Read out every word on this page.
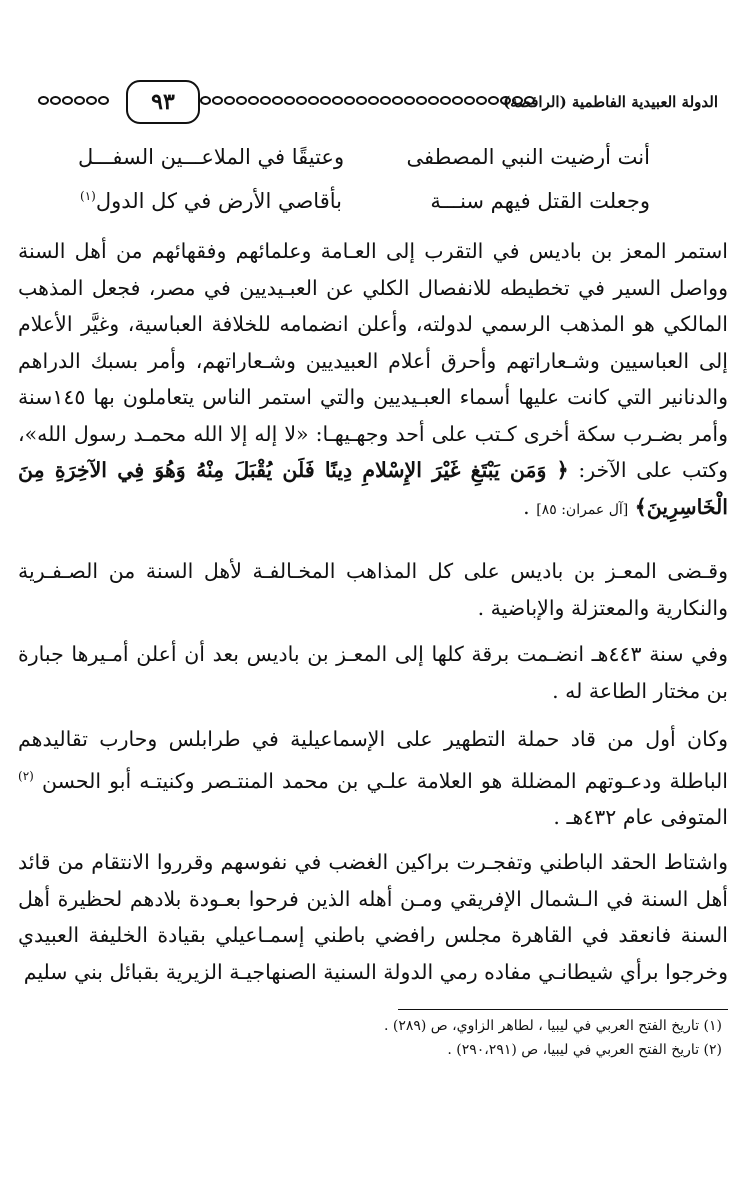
الدولة العبيدية الفاطمية (الرافضة)
٩٣
أنت أرضيت النبي المصطفى
وعتيقًا في الملاعـــين السفـــل
وجعلت القتل فيهم سنـــة
بأقاصي الأرض في كل الدول$^{(١)}$
استمر المعز بن باديس في التقرب إلى العـامة وعلمائهم وفقهائهم من أهل السنة وواصل السير في تخطيطه للانفصال الكلي عن العبـيديين في مصر، فجعل المذهب المالكي هو المذهب الرسمي لدولته، وأعلن انضمامه للخلافة العباسية، وغيَّر الأعلام إلى العباسيين وشـعاراتهم وأحرق أعلام العبيديين وشـعاراتهم، وأمر بسبك الدراهم والدنانير التي كانت عليها أسماء العبـيديين والتي استمر الناس يتعاملون بها ١٤٥سنة وأمر بضـرب سكة أخرى كـتب على أحد وجهـيهـا: «لا إله إلا الله محمـد رسول الله»، وكتب على الآخر: ﴿ وَمَن يَبْتَغِ غَيْرَ الإِسْلامِ دِينًا فَلَن يُقْبَلَ مِنْهُ وَهُوَ فِي الآخِرَةِ مِنَ الْخَاسِرِينَ﴾ [آل عمران: ٨٥] .
وقـضى المعـز بن باديس على كل المذاهب المخـالفـة لأهل السنة من الصـفـرية والنكارية والمعتزلة والإباضية .
وفي سنة ٤٤٣هـ انضـمت برقة كلها إلى المعـز بن باديس بعد أن أعلن أمـيرها جبارة بن مختار الطاعة له .
وكان أول من قاد حملة التطهير على الإسماعيلية في طرابلس وحارب تقاليدهم الباطلة ودعـوتهم المضللة هو العلامة علـي بن محمد المنتـصر وكنيتـه أبو الحسن $^{(٢)}$ المتوفى عام ٤٣٢هـ .
واشتاط الحقد الباطني وتفجـرت براكين الغضب في نفوسهم وقرروا الانتقام من قائد أهل السنة في الـشمال الإفريقي ومـن أهله الذين فرحوا بعـودة بلادهم لحظيرة أهل السنة فانعقد في القاهرة مجلس رافضي باطني إسمـاعيلي بقيادة الخليفة العبيدي وخرجوا برأي شيطانـي مفاده رمي الدولة السنية الصنهاجيـة الزيرية بقبائل بني سليم
(١) تاريخ الفتح العربي في ليبيا ، لطاهر الزاوي، ص (٢٨٩) .
(٢) تاريخ الفتح العربي في ليبيا، ص (٢٩٠،٢٩١) .
